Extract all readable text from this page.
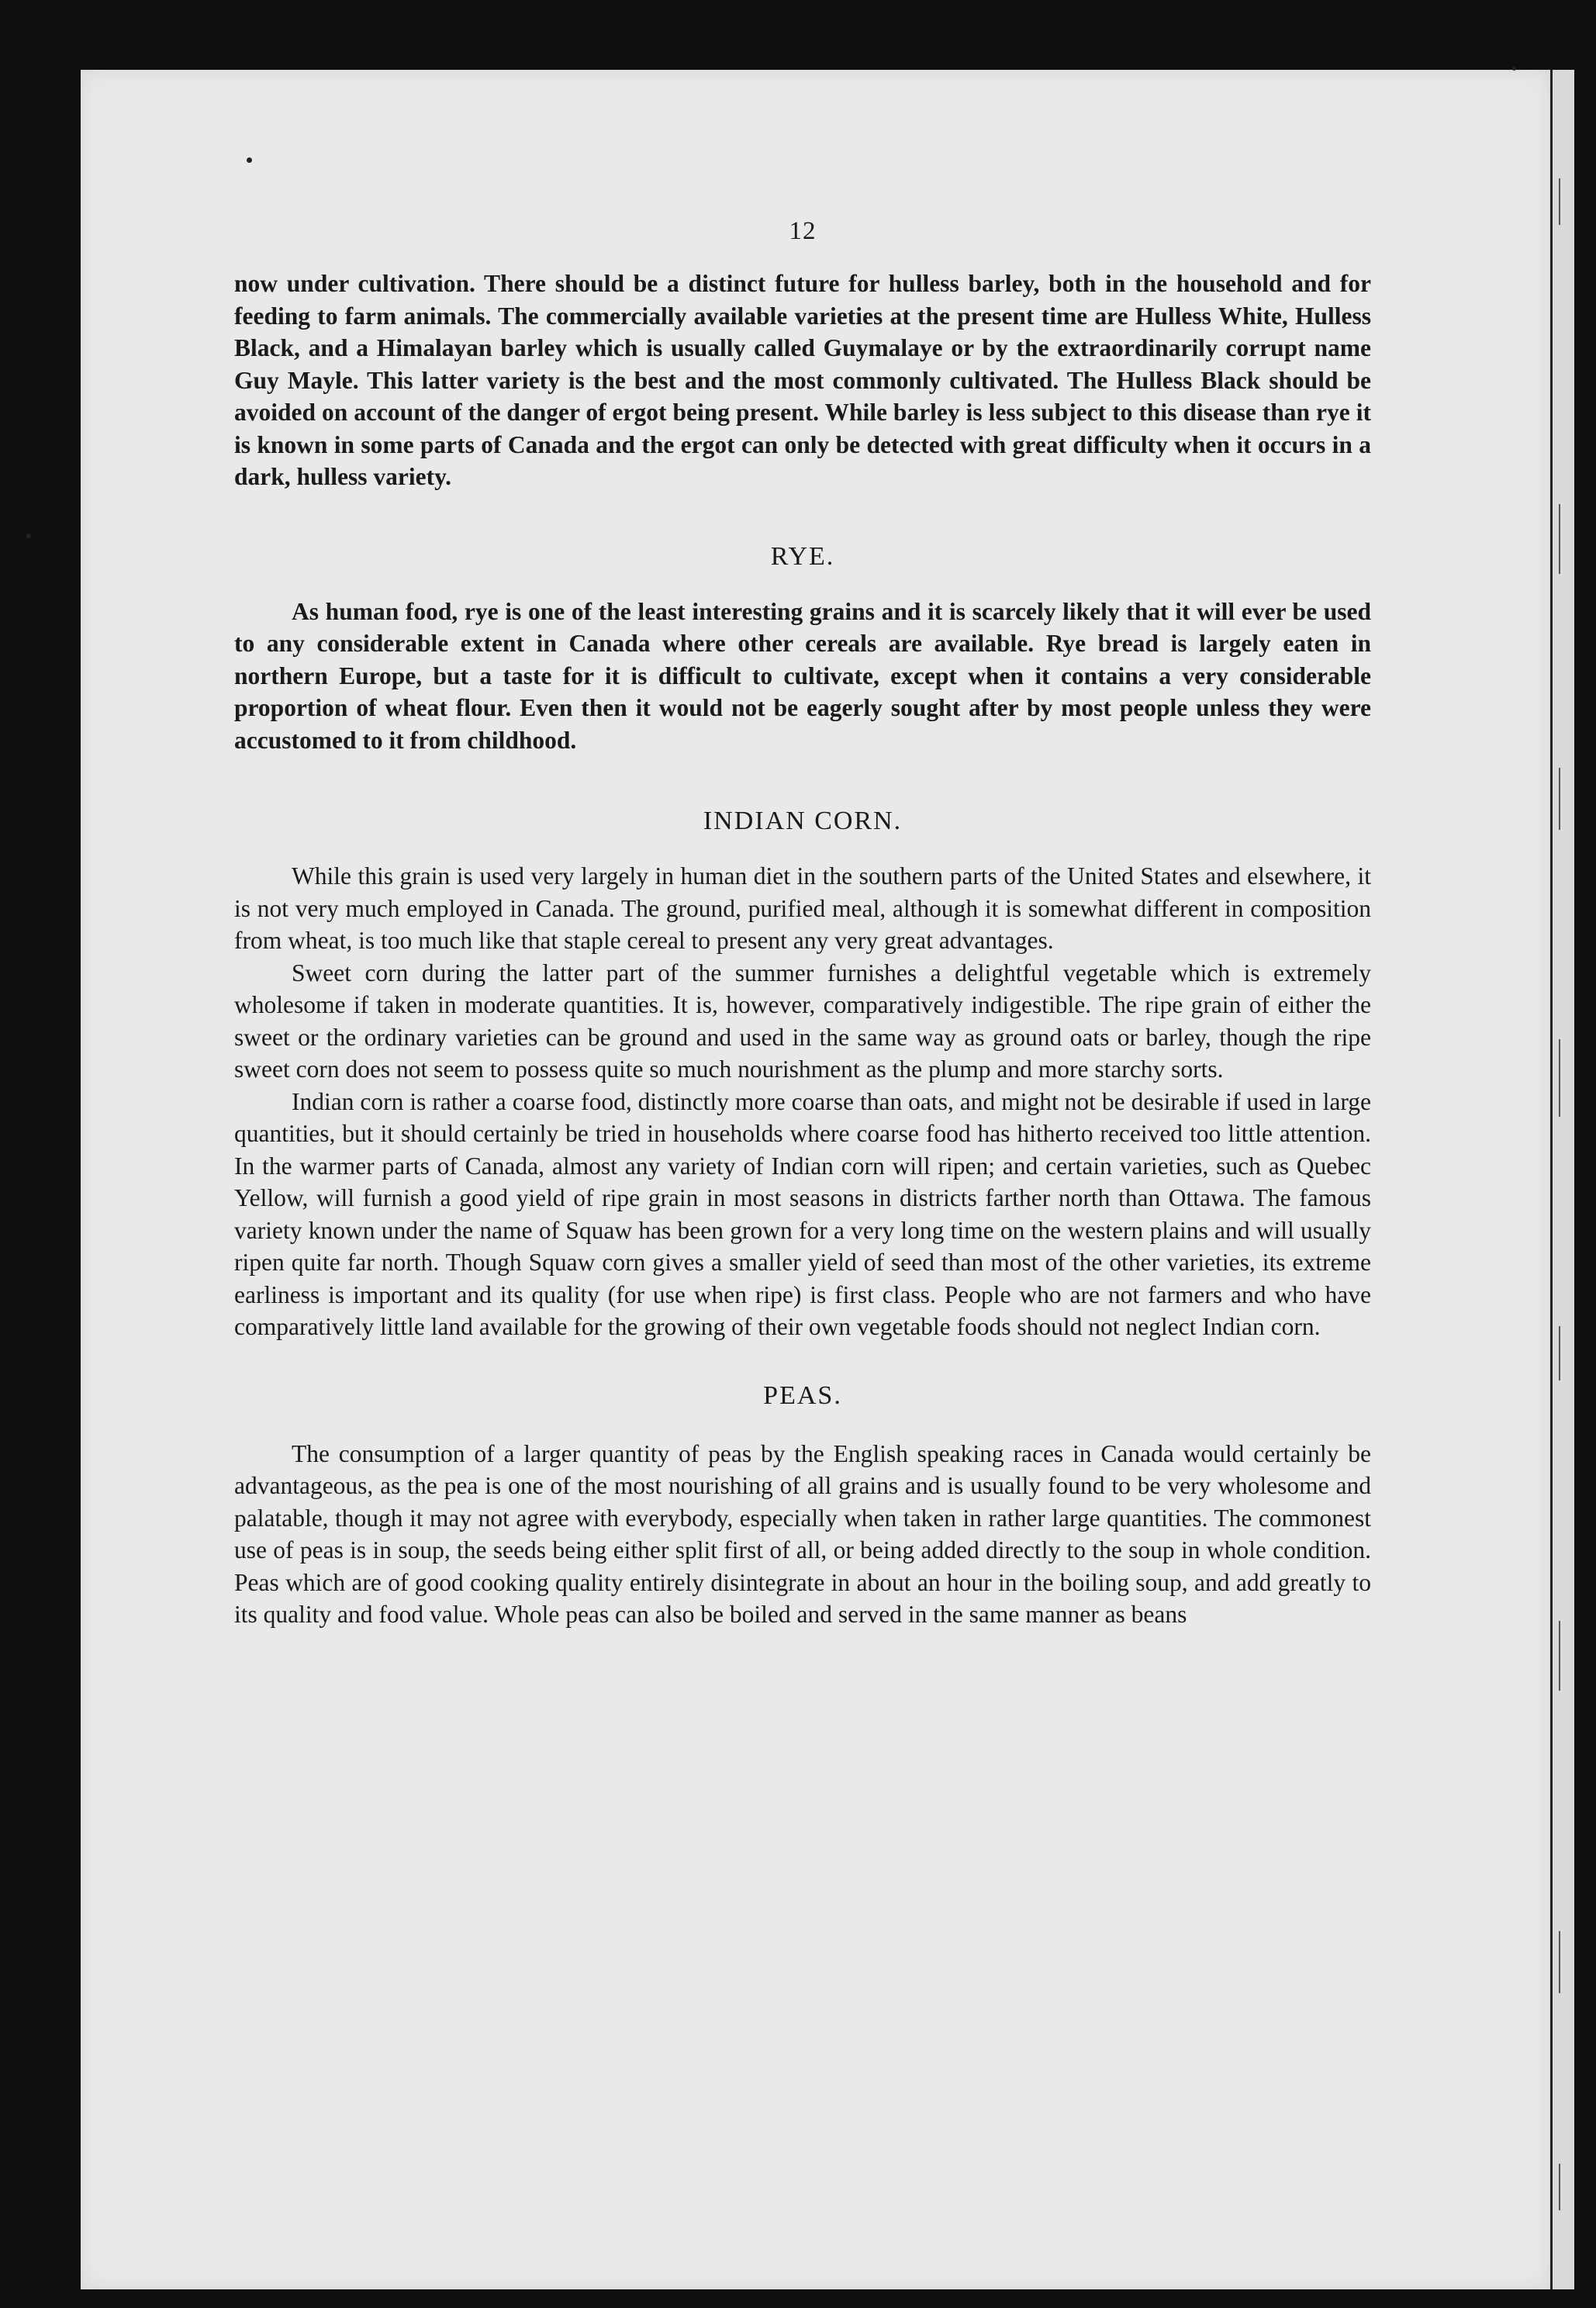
12

now under cultivation. There should be a distinct future for hulless barley, both in the household and for feeding to farm animals. The commercially available varieties at the present time are Hulless White, Hulless Black, and a Himalayan barley which is usually called Guymalaye or by the extraordinarily corrupt name Guy Mayle. This latter variety is the best and the most commonly cultivated. The Hulless Black should be avoided on account of the danger of ergot being present. While barley is less subject to this disease than rye it is known in some parts of Canada and the ergot can only be detected with great difficulty when it occurs in a dark, hulless variety.

RYE.

As human food, rye is one of the least interesting grains and it is scarcely likely that it will ever be used to any considerable extent in Canada where other cereals are available. Rye bread is largely eaten in northern Europe, but a taste for it is difficult to cultivate, except when it contains a very considerable proportion of wheat flour. Even then it would not be eagerly sought after by most people unless they were accustomed to it from childhood.

INDIAN CORN.

While this grain is used very largely in human diet in the southern parts of the United States and elsewhere, it is not very much employed in Canada. The ground, purified meal, although it is somewhat different in composition from wheat, is too much like that staple cereal to present any very great advantages.

Sweet corn during the latter part of the summer furnishes a delightful vegetable which is extremely wholesome if taken in moderate quantities. It is, however, comparatively indigestible. The ripe grain of either the sweet or the ordinary varieties can be ground and used in the same way as ground oats or barley, though the ripe sweet corn does not seem to possess quite so much nourishment as the plump and more starchy sorts.

Indian corn is rather a coarse food, distinctly more coarse than oats, and might not be desirable if used in large quantities, but it should certainly be tried in households where coarse food has hitherto received too little attention. In the warmer parts of Canada, almost any variety of Indian corn will ripen; and certain varieties, such as Quebec Yellow, will furnish a good yield of ripe grain in most seasons in districts farther north than Ottawa. The famous variety known under the name of Squaw has been grown for a very long time on the western plains and will usually ripen quite far north. Though Squaw corn gives a smaller yield of seed than most of the other varieties, its extreme earliness is important and its quality (for use when ripe) is first class. People who are not farmers and who have comparatively little land available for the growing of their own vegetable foods should not neglect Indian corn.

PEAS.

The consumption of a larger quantity of peas by the English speaking races in Canada would certainly be advantageous, as the pea is one of the most nourishing of all grains and is usually found to be very wholesome and palatable, though it may not agree with everybody, especially when taken in rather large quantities. The commonest use of peas is in soup, the seeds being either split first of all, or being added directly to the soup in whole condition. Peas which are of good cooking quality entirely disintegrate in about an hour in the boiling soup, and add greatly to its quality and food value. Whole peas can also be boiled and served in the same manner as beans
